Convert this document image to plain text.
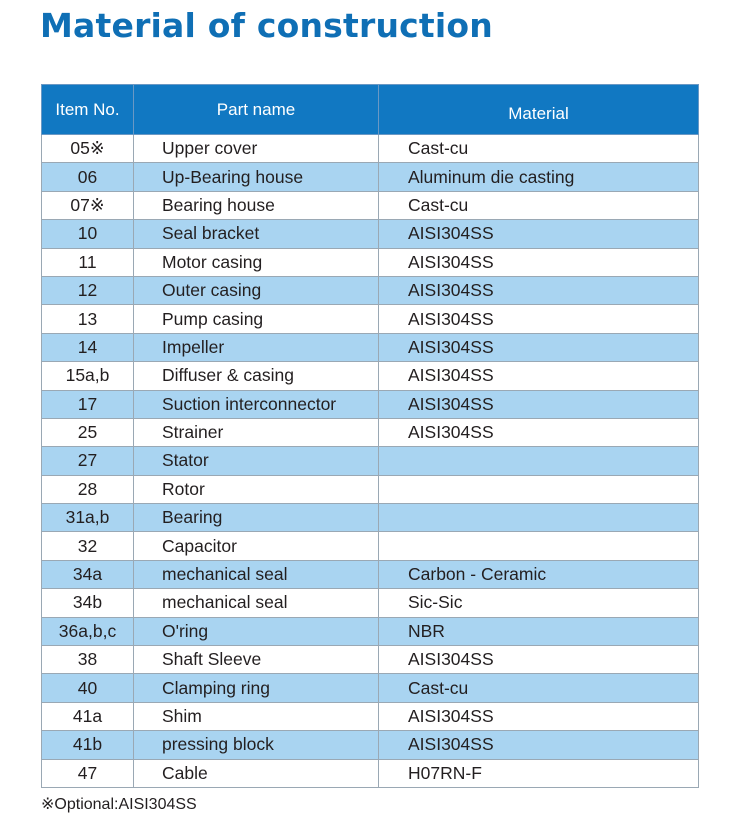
Material of construction
Item No.	Part name	Material
05※	Upper cover	Cast-cu
06	Up-Bearing house	Aluminum die casting
07※	Bearing house	Cast-cu
10	Seal bracket	AISI304SS
11	Motor casing	AISI304SS
12	Outer casing	AISI304SS
13	Pump casing	AISI304SS
14	Impeller	AISI304SS
15a,b	Diffuser & casing	AISI304SS
17	Suction interconnector	AISI304SS
25	Strainer	AISI304SS
27	Stator	
28	Rotor	
31a,b	Bearing	
32	Capacitor	
34a	mechanical seal	Carbon - Ceramic
34b	mechanical seal	Sic-Sic
36a,b,c	O'ring	NBR
38	Shaft Sleeve	AISI304SS
40	Clamping ring	Cast-cu
41a	Shim	AISI304SS
41b	pressing block	AISI304SS
47	Cable	H07RN-F
※Optional:AISI304SS
